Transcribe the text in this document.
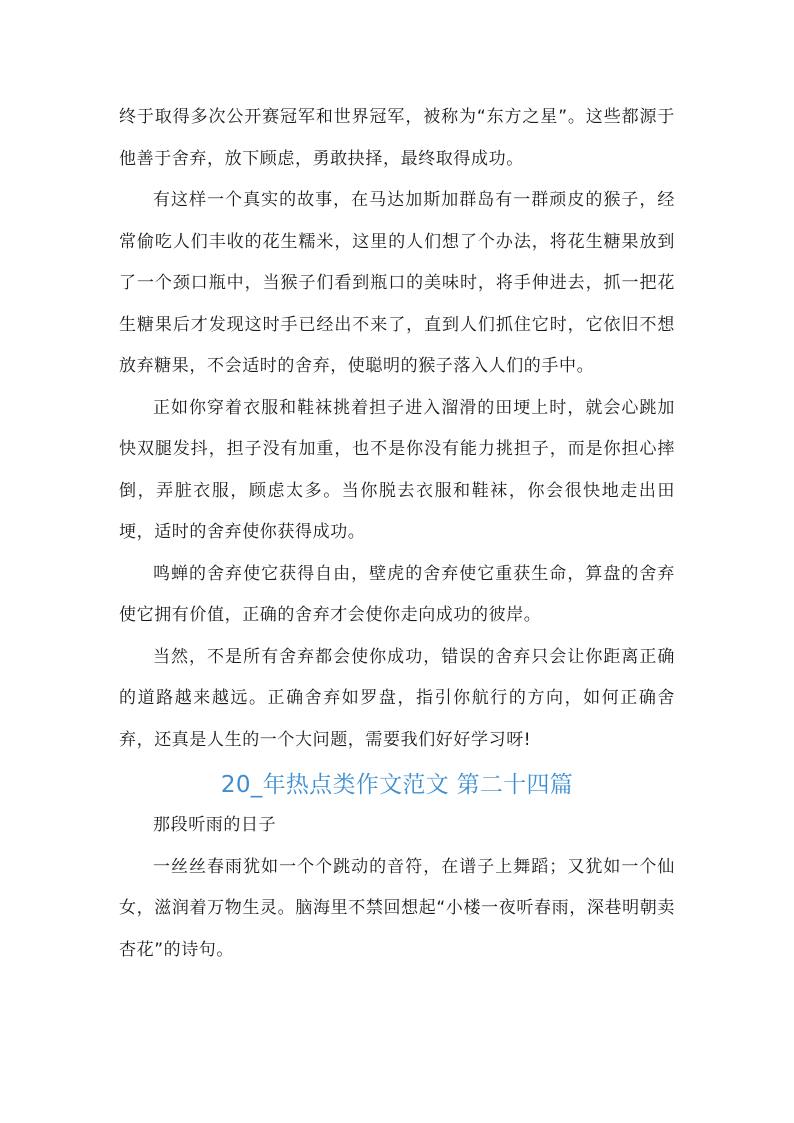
终于取得多次公开赛冠军和世界冠军，被称为“东方之星”。这些都源于他善于舍弃，放下顾虑，勇敢抉择，最终取得成功。

有这样一个真实的故事，在马达加斯加群岛有一群顽皮的猴子，经常偷吃人们丰收的花生糯米，这里的人们想了个办法，将花生糖果放到了一个颈口瓶中，当猴子们看到瓶口的美味时，将手伸进去，抓一把花生糖果后才发现这时手已经出不来了，直到人们抓住它时，它依旧不想放弃糖果，不会适时的舍弃，使聪明的猴子落入人们的手中。

正如你穿着衣服和鞋袜挑着担子进入溜滑的田埂上时，就会心跳加快双腿发抖，担子没有加重，也不是你没有能力挑担子，而是你担心摔倒，弄脏衣服，顾虑太多。当你脱去衣服和鞋袜，你会很快地走出田埂，适时的舍弃使你获得成功。

鸣蝉的舍弃使它获得自由，壁虎的舍弃使它重获生命，算盘的舍弃使它拥有价值，正确的舍弃才会使你走向成功的彼岸。

当然，不是所有舍弃都会使你成功，错误的舍弃只会让你距离正确的道路越来越远。正确舍弃如罗盘，指引你航行的方向，如何正确舍弃，还真是人生的一个大问题，需要我们好好学习呀!

20_年热点类作文范文 第二十四篇

那段听雨的日子

一丝丝春雨犹如一个个跳动的音符，在谱子上舞蹈；又犹如一个仙女，滋润着万物生灵。脑海里不禁回想起“小楼一夜听春雨，深巷明朝卖杏花”的诗句。
